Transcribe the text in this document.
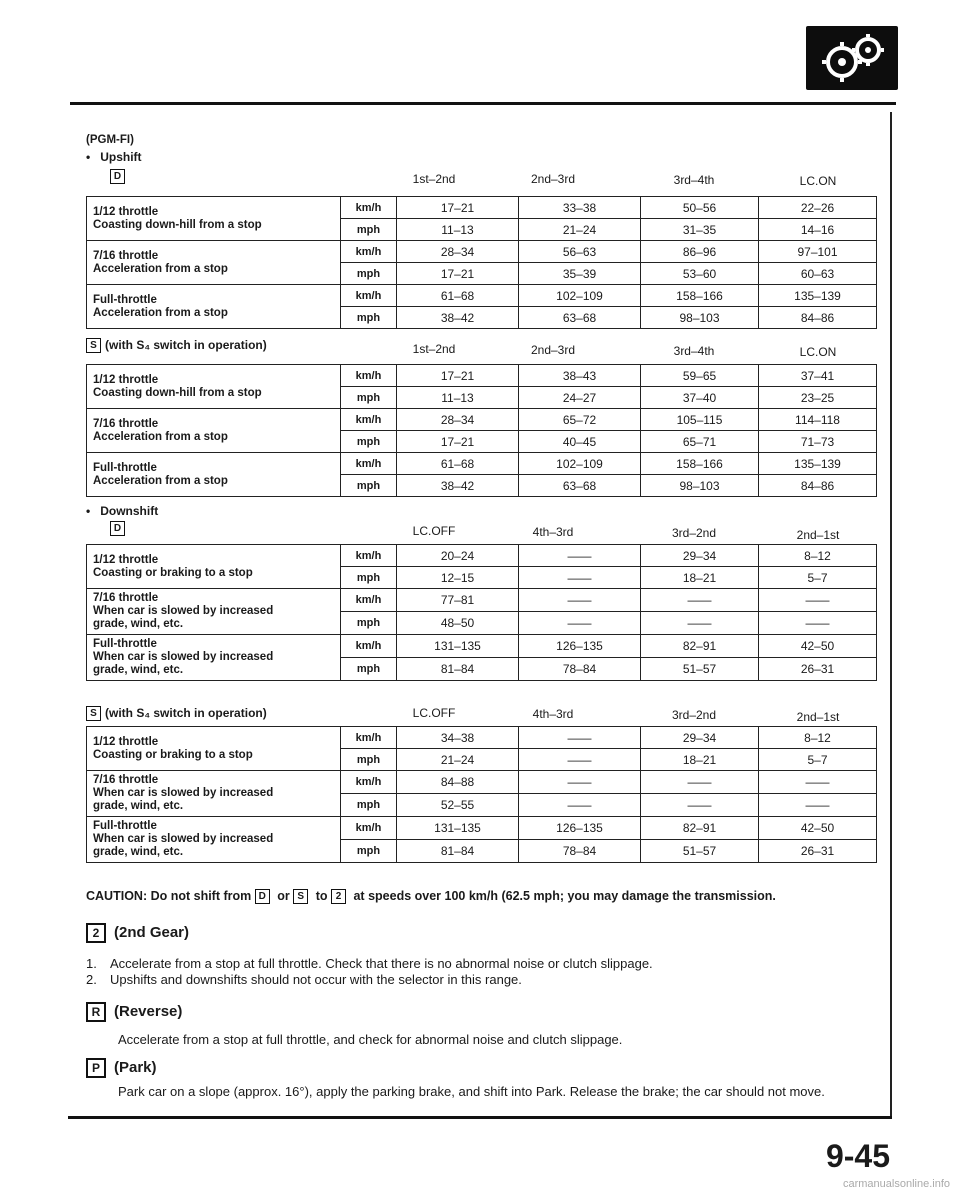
(PGM-FI)
• Upshift
D	1st–2nd	2nd–3rd	3rd–4th	LC.ON
1/12 throttle
Coasting down-hill from a stop	km/h	17–21	33–38	50–56	22–26
	mph	11–13	21–24	31–35	14–16

7/16 throttle
Acceleration from a stop	km/h	28–34	56–63	86–96	97–101
	mph	17–21	35–39	53–60	60–63

Full-throttle
Acceleration from a stop	km/h	61–68	102–109	158–166	135–139
	mph	38–42	63–68	98–103	84–86
S (with S₄ switch in operation)	1st–2nd	2nd–3rd	3rd–4th	LC.ON
1/12 throttle
Coasting down-hill from a stop	km/h	17–21	38–43	59–65	37–41
	mph	11–13	24–27	37–40	23–25

7/16 throttle
Acceleration from a stop	km/h	28–34	65–72	105–115	114–118
	mph	17–21	40–45	65–71	71–73

Full-throttle
Acceleration from a stop	km/h	61–68	102–109	158–166	135–139
	mph	38–42	63–68	98–103	84–86
• Downshift
D	LC.OFF	4th–3rd	3rd–2nd	2nd–1st
1/12 throttle
Coasting or braking to a stop	km/h	20–24	——	29–34	8–12
	mph	12–15	——	18–21	5–7

7/16 throttle
When car is slowed by increased
grade, wind, etc.	km/h	77–81	——	——	——
	mph	48–50	——	——	——

Full-throttle
When car is slowed by increased
grade, wind, etc.	km/h	131–135	126–135	82–91	42–50
	mph	81–84	78–84	51–57	26–31
S (with S₄ switch in operation)	LC.OFF	4th–3rd	3rd–2nd	2nd–1st
1/12 throttle
Coasting or braking to a stop	km/h	34–38	——	29–34	8–12
	mph	21–24	——	18–21	5–7

7/16 throttle
When car is slowed by increased
grade, wind, etc.	km/h	84–88	——	——	——
	mph	52–55	——	——	——

Full-throttle
When car is slowed by increased
grade, wind, etc.	km/h	131–135	126–135	82–91	42–50
	mph	81–84	78–84	51–57	26–31
CAUTION: Do not shift from D or S to 2 at speeds over 100 km/h (62.5 mph; you may damage the transmission.
2 (2nd Gear)
1. Accelerate from a stop at full throttle. Check that there is no abnormal noise or clutch slippage.
2. Upshifts and downshifts should not occur with the selector in this range.
R (Reverse)
Accelerate from a stop at full throttle, and check for abnormal noise and clutch slippage.
P (Park)
Park car on a slope (approx. 16°), apply the parking brake, and shift into Park. Release the brake; the car should not move.
9-45
carmanualsonline.info
